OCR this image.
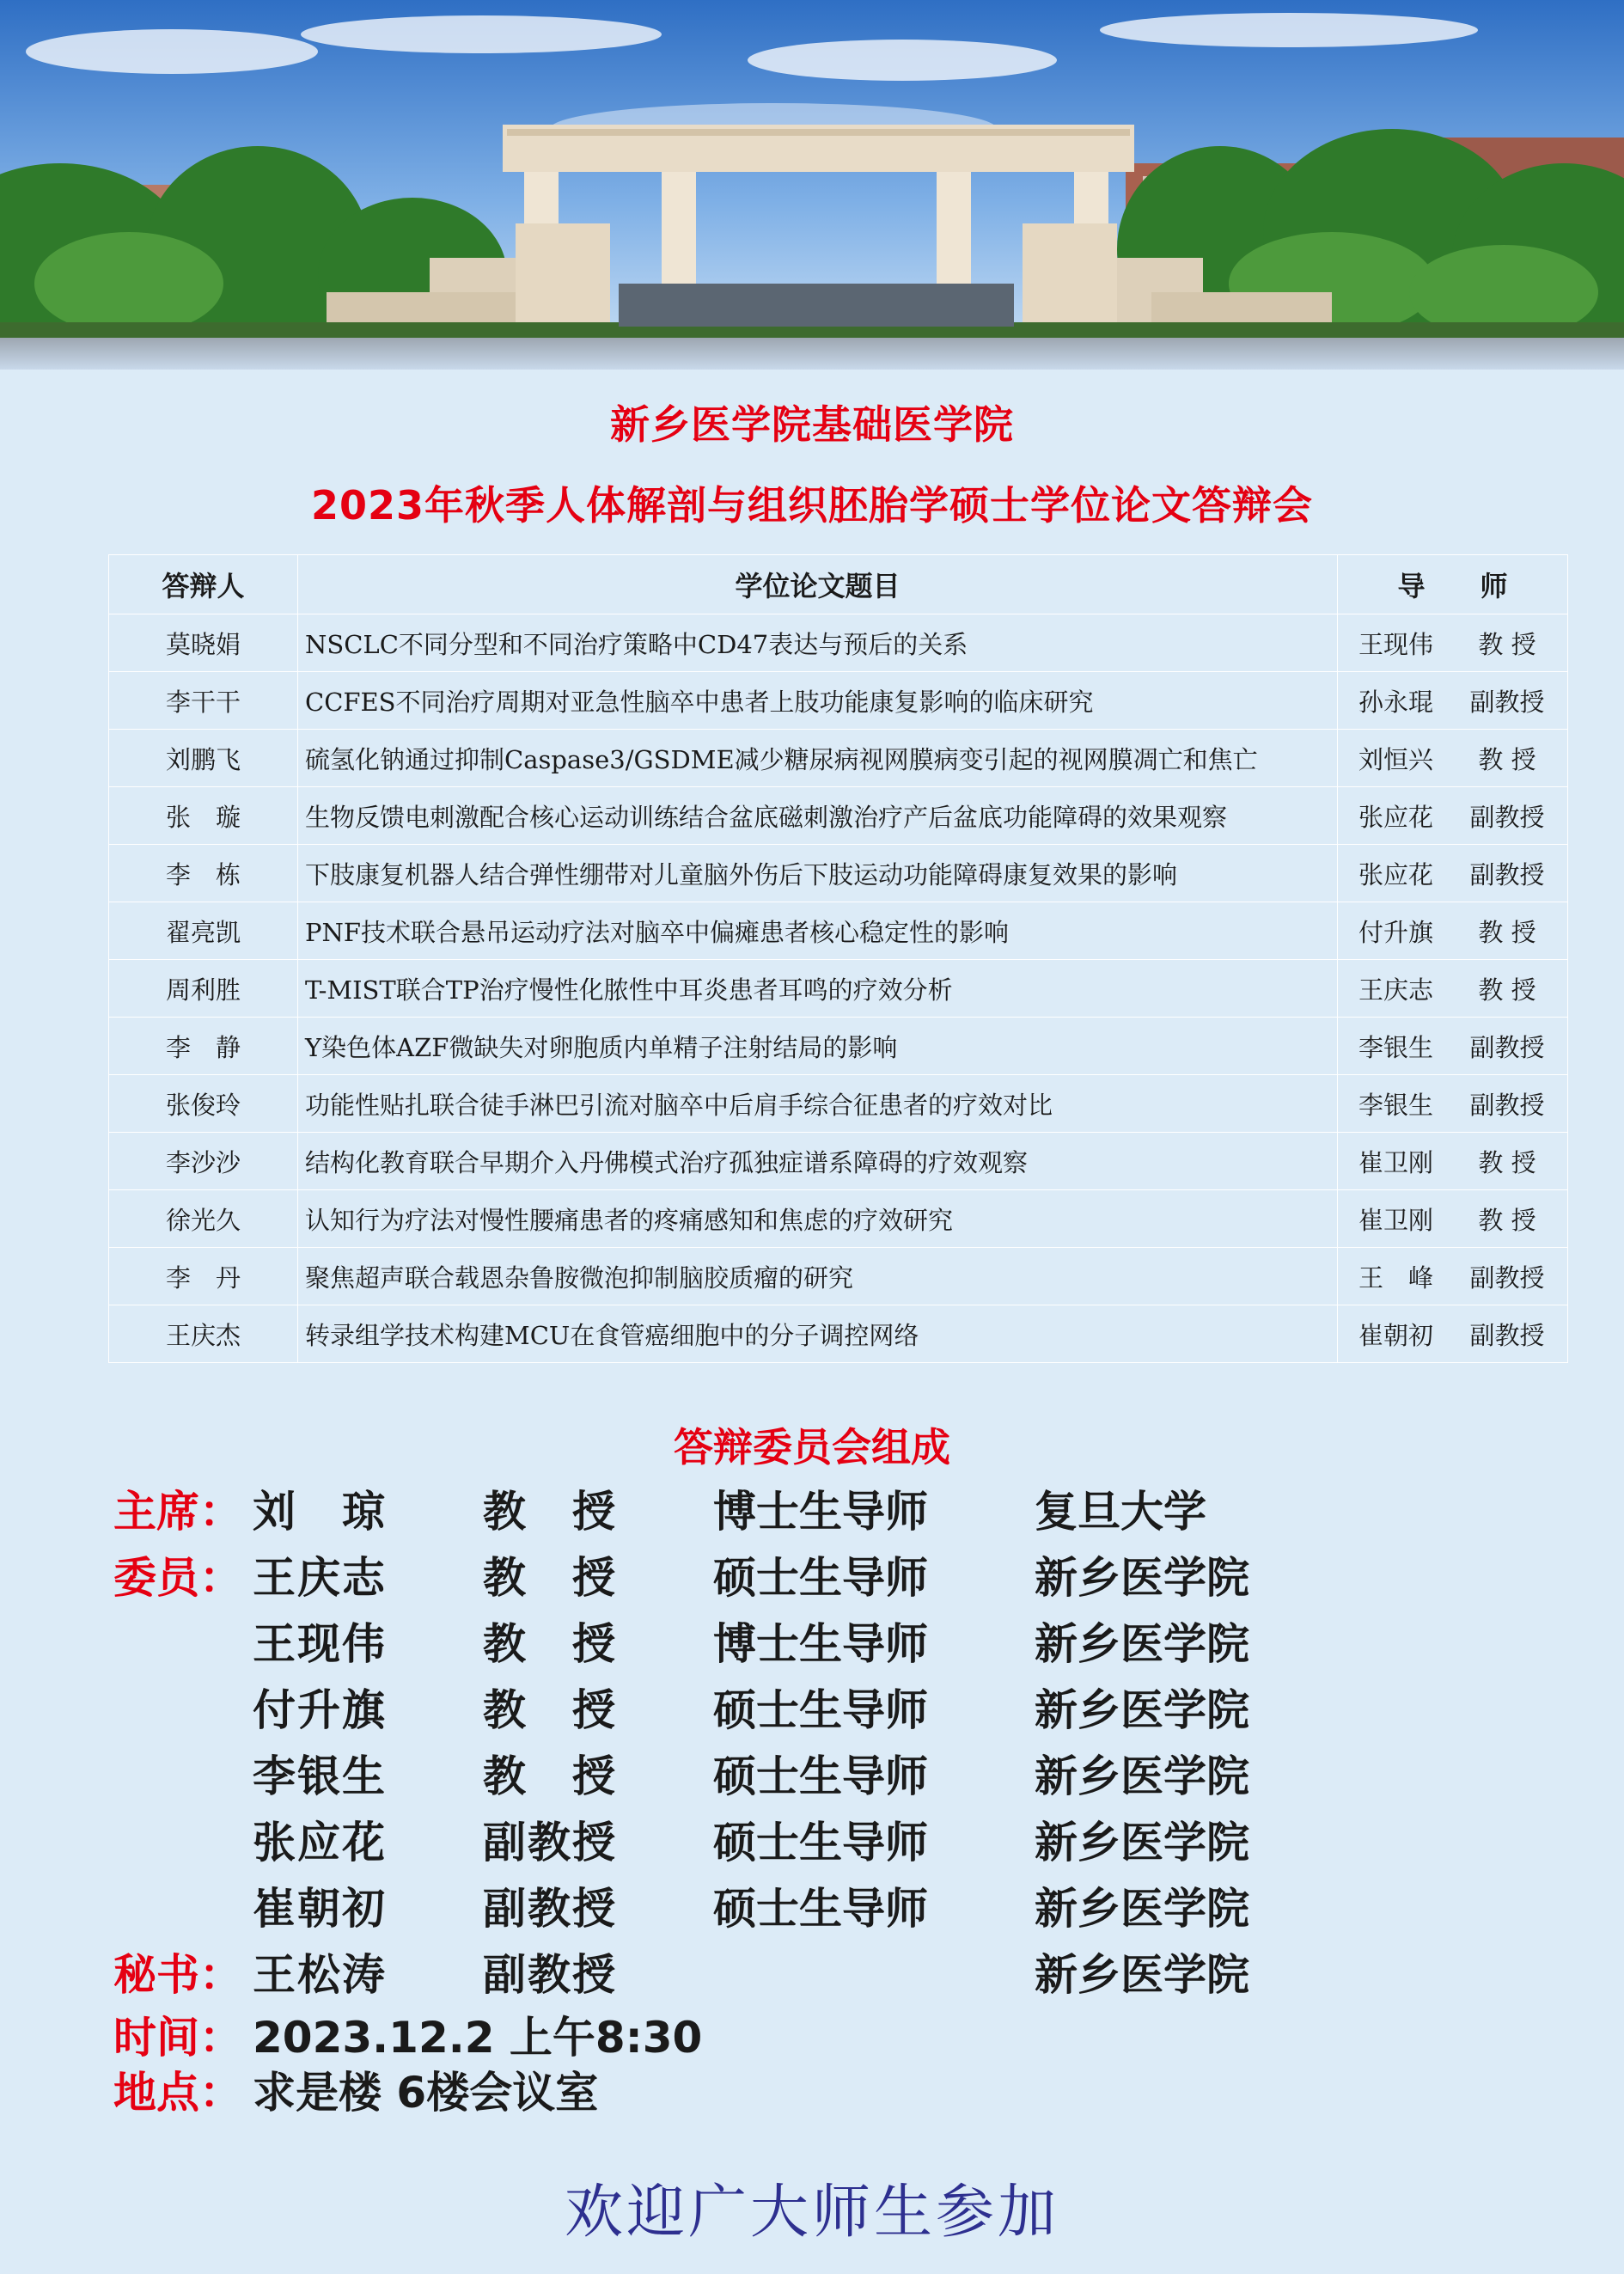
新乡医学院基础医学院
2023年秋季人体解剖与组织胚胎学硕士学位论文答辩会
答辩人	学位论文题目	导　　师
莫晓娟	NSCLC不同分型和不同治疗策略中CD47表达与预后的关系	王现伟 教 授
李干干	CCFES不同治疗周期对亚急性脑卒中患者上肢功能康复影响的临床研究	孙永琨 副教授
刘鹏飞	硫氢化钠通过抑制Caspase3/GSDME减少糖尿病视网膜病变引起的视网膜凋亡和焦亡	刘恒兴 教 授
张　璇	生物反馈电刺激配合核心运动训练结合盆底磁刺激治疗产后盆底功能障碍的效果观察	张应花 副教授
李　栋	下肢康复机器人结合弹性绷带对儿童脑外伤后下肢运动功能障碍康复效果的影响	张应花 副教授
翟亮凯	PNF技术联合悬吊运动疗法对脑卒中偏瘫患者核心稳定性的影响	付升旗 教 授
周利胜	T-MIST联合TP治疗慢性化脓性中耳炎患者耳鸣的疗效分析	王庆志 教 授
李　静	Y染色体AZF微缺失对卵胞质内单精子注射结局的影响	李银生 副教授
张俊玲	功能性贴扎联合徒手淋巴引流对脑卒中后肩手综合征患者的疗效对比	李银生 副教授
李沙沙	结构化教育联合早期介入丹佛模式治疗孤独症谱系障碍的疗效观察	崔卫刚 教 授
徐光久	认知行为疗法对慢性腰痛患者的疼痛感知和焦虑的疗效研究	崔卫刚 教 授
李　丹	聚焦超声联合载恩杂鲁胺微泡抑制脑胶质瘤的研究	王　峰 副教授
王庆杰	转录组学技术构建MCU在食管癌细胞中的分子调控网络	崔朝初 副教授
答辩委员会组成
主席： 刘　琼 教　授 博士生导师 复旦大学
委员： 王庆志 教　授 硕士生导师 新乡医学院
王现伟 教　授 博士生导师 新乡医学院
付升旗 教　授 硕士生导师 新乡医学院
李银生 教　授 硕士生导师 新乡医学院
张应花 副教授 硕士生导师 新乡医学院
崔朝初 副教授 硕士生导师 新乡医学院
秘书： 王松涛 副教授	新乡医学院
时间： 2023.12.2 上午8:30
地点： 求是楼 6楼会议室
欢迎广大师生参加
